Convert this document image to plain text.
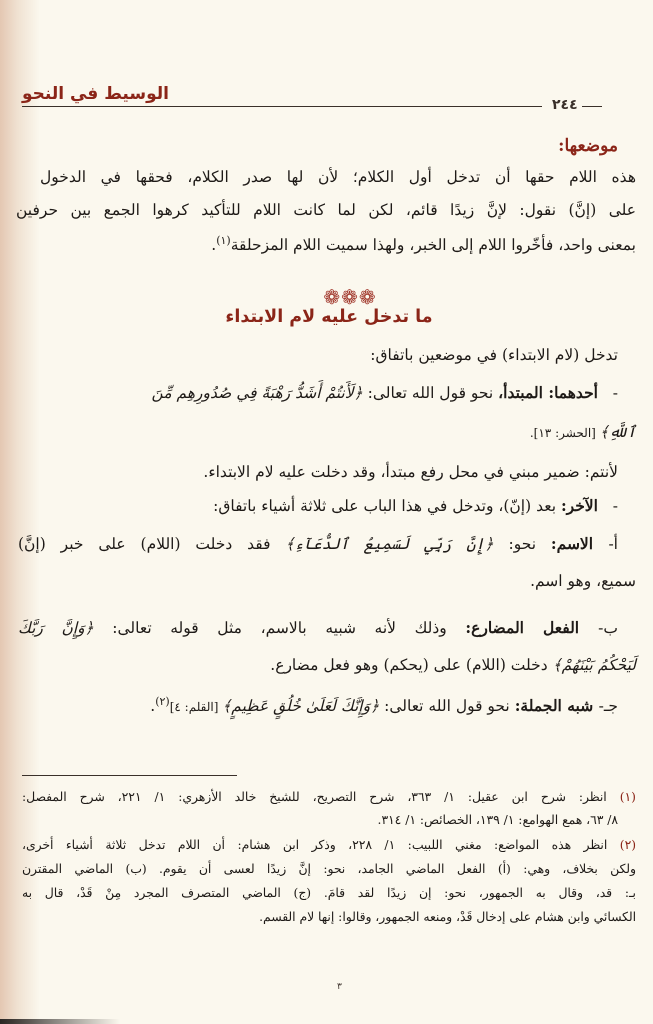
الوسيط في النحو
٢٤٤
موضعها:
هذه اللام حقها أن تدخل أول الكلام؛ لأن لها صدر الكلام، فحقها في الدخول
على (إنَّ) نقول: لإنَّ زيدًا قائم، لكن لما كانت اللام للتأكيد كرهوا الجمع بين حرفين
بمعنى واحد، فأخّروا اللام إلى الخبر، ولهذا سميت اللام المزحلقة$^{(١)}$.
❁❁❁
ما تدخل عليه لام الابتداء
تدخل (لام الابتداء) في موضعين باتفاق:
-   أحدهما: المبتدأ، نحو قول الله تعالى: ﴿لَأَنتُمْ أَشَدُّ رَهْبَةً فِي صُدُورِهِم مِّنَ
ٱللَّهِ﴾ [الحشر: ١٣].
لأنتم: ضمير مبني في محل رفع مبتدأ، وقد دخلت عليه لام الابتداء.
-   الآخر: بعد (إنّ)، وتدخل في هذا الباب على ثلاثة أشياء باتفاق:
أ- الاسم: نحو: ﴿إِنَّ رَبِّي لَسَمِيعُ ٱلدُّعَآءِ﴾ فقد دخلت (اللام) على خبر (إنَّ)
سميع، وهو اسم.
ب- الفعل المضارع: وذلك لأنه شبيه بالاسم، مثل قوله تعالى: ﴿وَإِنَّ رَبَّكَ
لَيَحْكُمُ بَيْنَهُمْ﴾ دخلت (اللام) على (يحكم) وهو فعل مضارع.
جـ- شبه الجملة: نحو قول الله تعالى: ﴿وَإِنَّكَ لَعَلَىٰ خُلُقٍ عَظِيمٍ﴾ [القلم: ٤]$^{(٢)}$.
(١) انظر: شرح ابن عقيل: ١/ ٣٦٣، شرح التصريح، للشيخ خالد الأزهري: ١/ ٢٢١، شرح المفصل:
٨/ ٦٣، همع الهوامع: ١/ ١٣٩، الخصائص: ١/ ٣١٤.
(٢) انظر هذه المواضع: مغني اللبيب: ١/ ٢٢٨، وذكر ابن هشام: أن اللام تدخل ثلاثة أشياء أخرى،
ولكن بخلاف، وهي: (أ) الفعل الماضي الجامد، نحو: إنَّ زيدًا لعسى أن يقوم. (ب) الماضي المقترن
بـ: قد، وقال به الجمهور، نحو: إن زيدًا لقد قامَ. (ج) الماضي المتصرف المجرد مِنْ قَدْ، قال به
الكسائي وابن هشام على إدخال قَدْ، ومنعه الجمهور، وقالوا: إنها لام القسم.
٣
